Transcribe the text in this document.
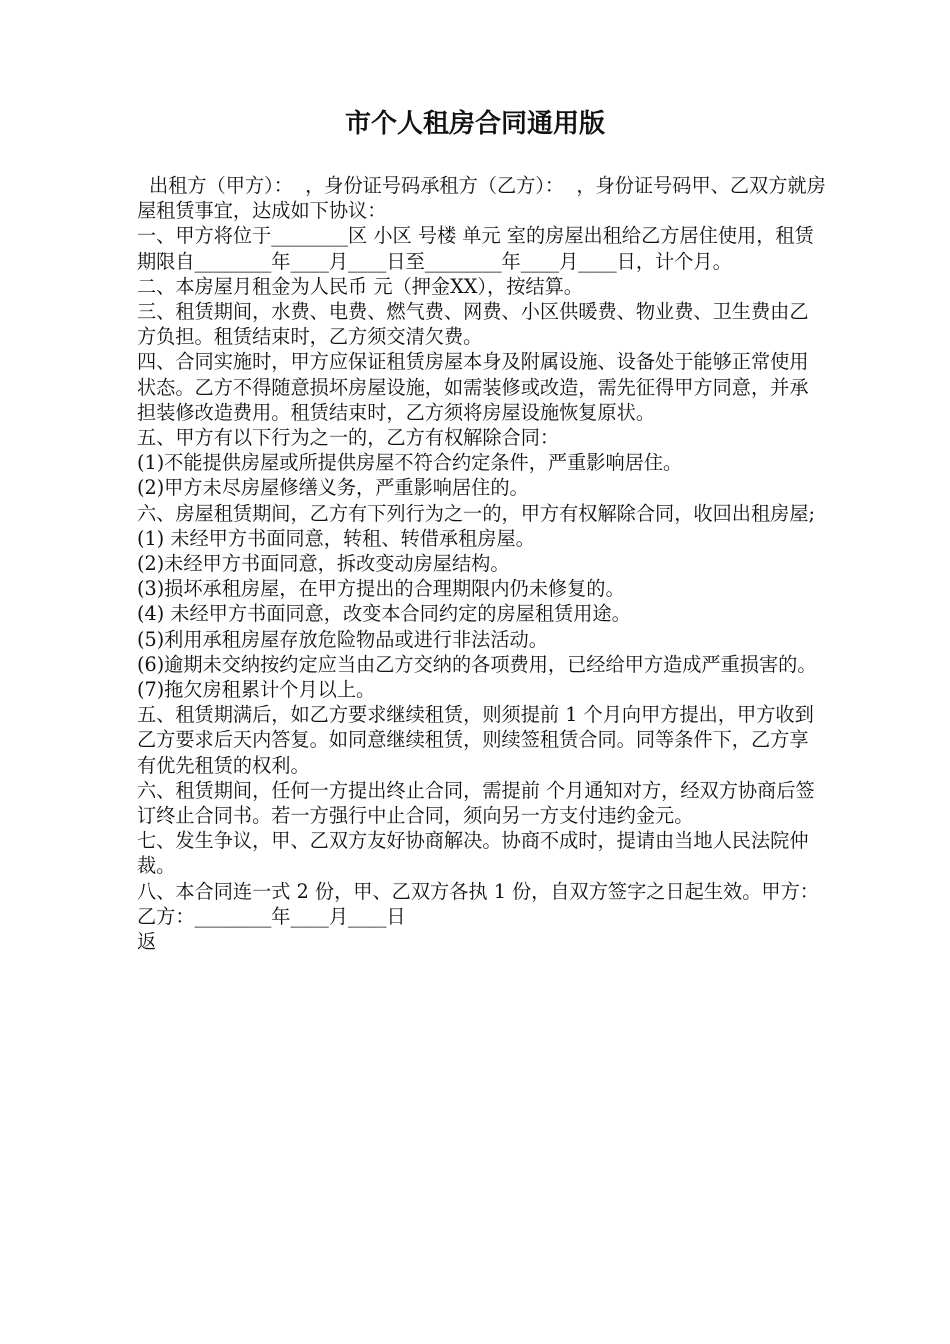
市个人租房合同通用版

出租方（甲方）：  ，身份证号码承租方（乙方）：  ，身份证号码甲、乙双方就房屋租赁事宜，达成如下协议：

一、甲方将位于________区 小区 号楼 单元 室的房屋出租给乙方居住使用，租赁期限自________年____月____日至________年____月____日，计个月。

二、本房屋月租金为人民币 元（押金XX），按结算。

三、租赁期间，水费、电费、燃气费、网费、小区供暖费、物业费、卫生费由乙方负担。租赁结束时，乙方须交清欠费。

四、合同实施时，甲方应保证租赁房屋本身及附属设施、设备处于能够正常使用状态。乙方不得随意损坏房屋设施，如需装修或改造，需先征得甲方同意，并承担装修改造费用。租赁结束时，乙方须将房屋设施恢复原状。

五、甲方有以下行为之一的，乙方有权解除合同：

(1)不能提供房屋或所提供房屋不符合约定条件，严重影响居住。

(2)甲方未尽房屋修缮义务，严重影响居住的。

六、房屋租赁期间，乙方有下列行为之一的，甲方有权解除合同，收回出租房屋;

(1) 未经甲方书面同意，转租、转借承租房屋。

(2)未经甲方书面同意，拆改变动房屋结构。

(3)损坏承租房屋，在甲方提出的合理期限内仍未修复的。

(4) 未经甲方书面同意，改变本合同约定的房屋租赁用途。

(5)利用承租房屋存放危险物品或进行非法活动。

(6)逾期未交纳按约定应当由乙方交纳的各项费用，已经给甲方造成严重损害的。

(7)拖欠房租累计个月以上。

五、租赁期满后，如乙方要求继续租赁，则须提前 1 个月向甲方提出，甲方收到乙方要求后天内答复。如同意继续租赁，则续签租赁合同。同等条件下，乙方享有优先租赁的权利。

六、租赁期间，任何一方提出终止合同，需提前 个月通知对方，经双方协商后签订终止合同书。若一方强行中止合同，须向另一方支付违约金元。

七、发生争议，甲、乙双方友好协商解决。协商不成时，提请由当地人民法院仲裁。

八、本合同连一式 2 份，甲、乙双方各执 1 份，自双方签字之日起生效。甲方：  乙方：________年____月____日

返
